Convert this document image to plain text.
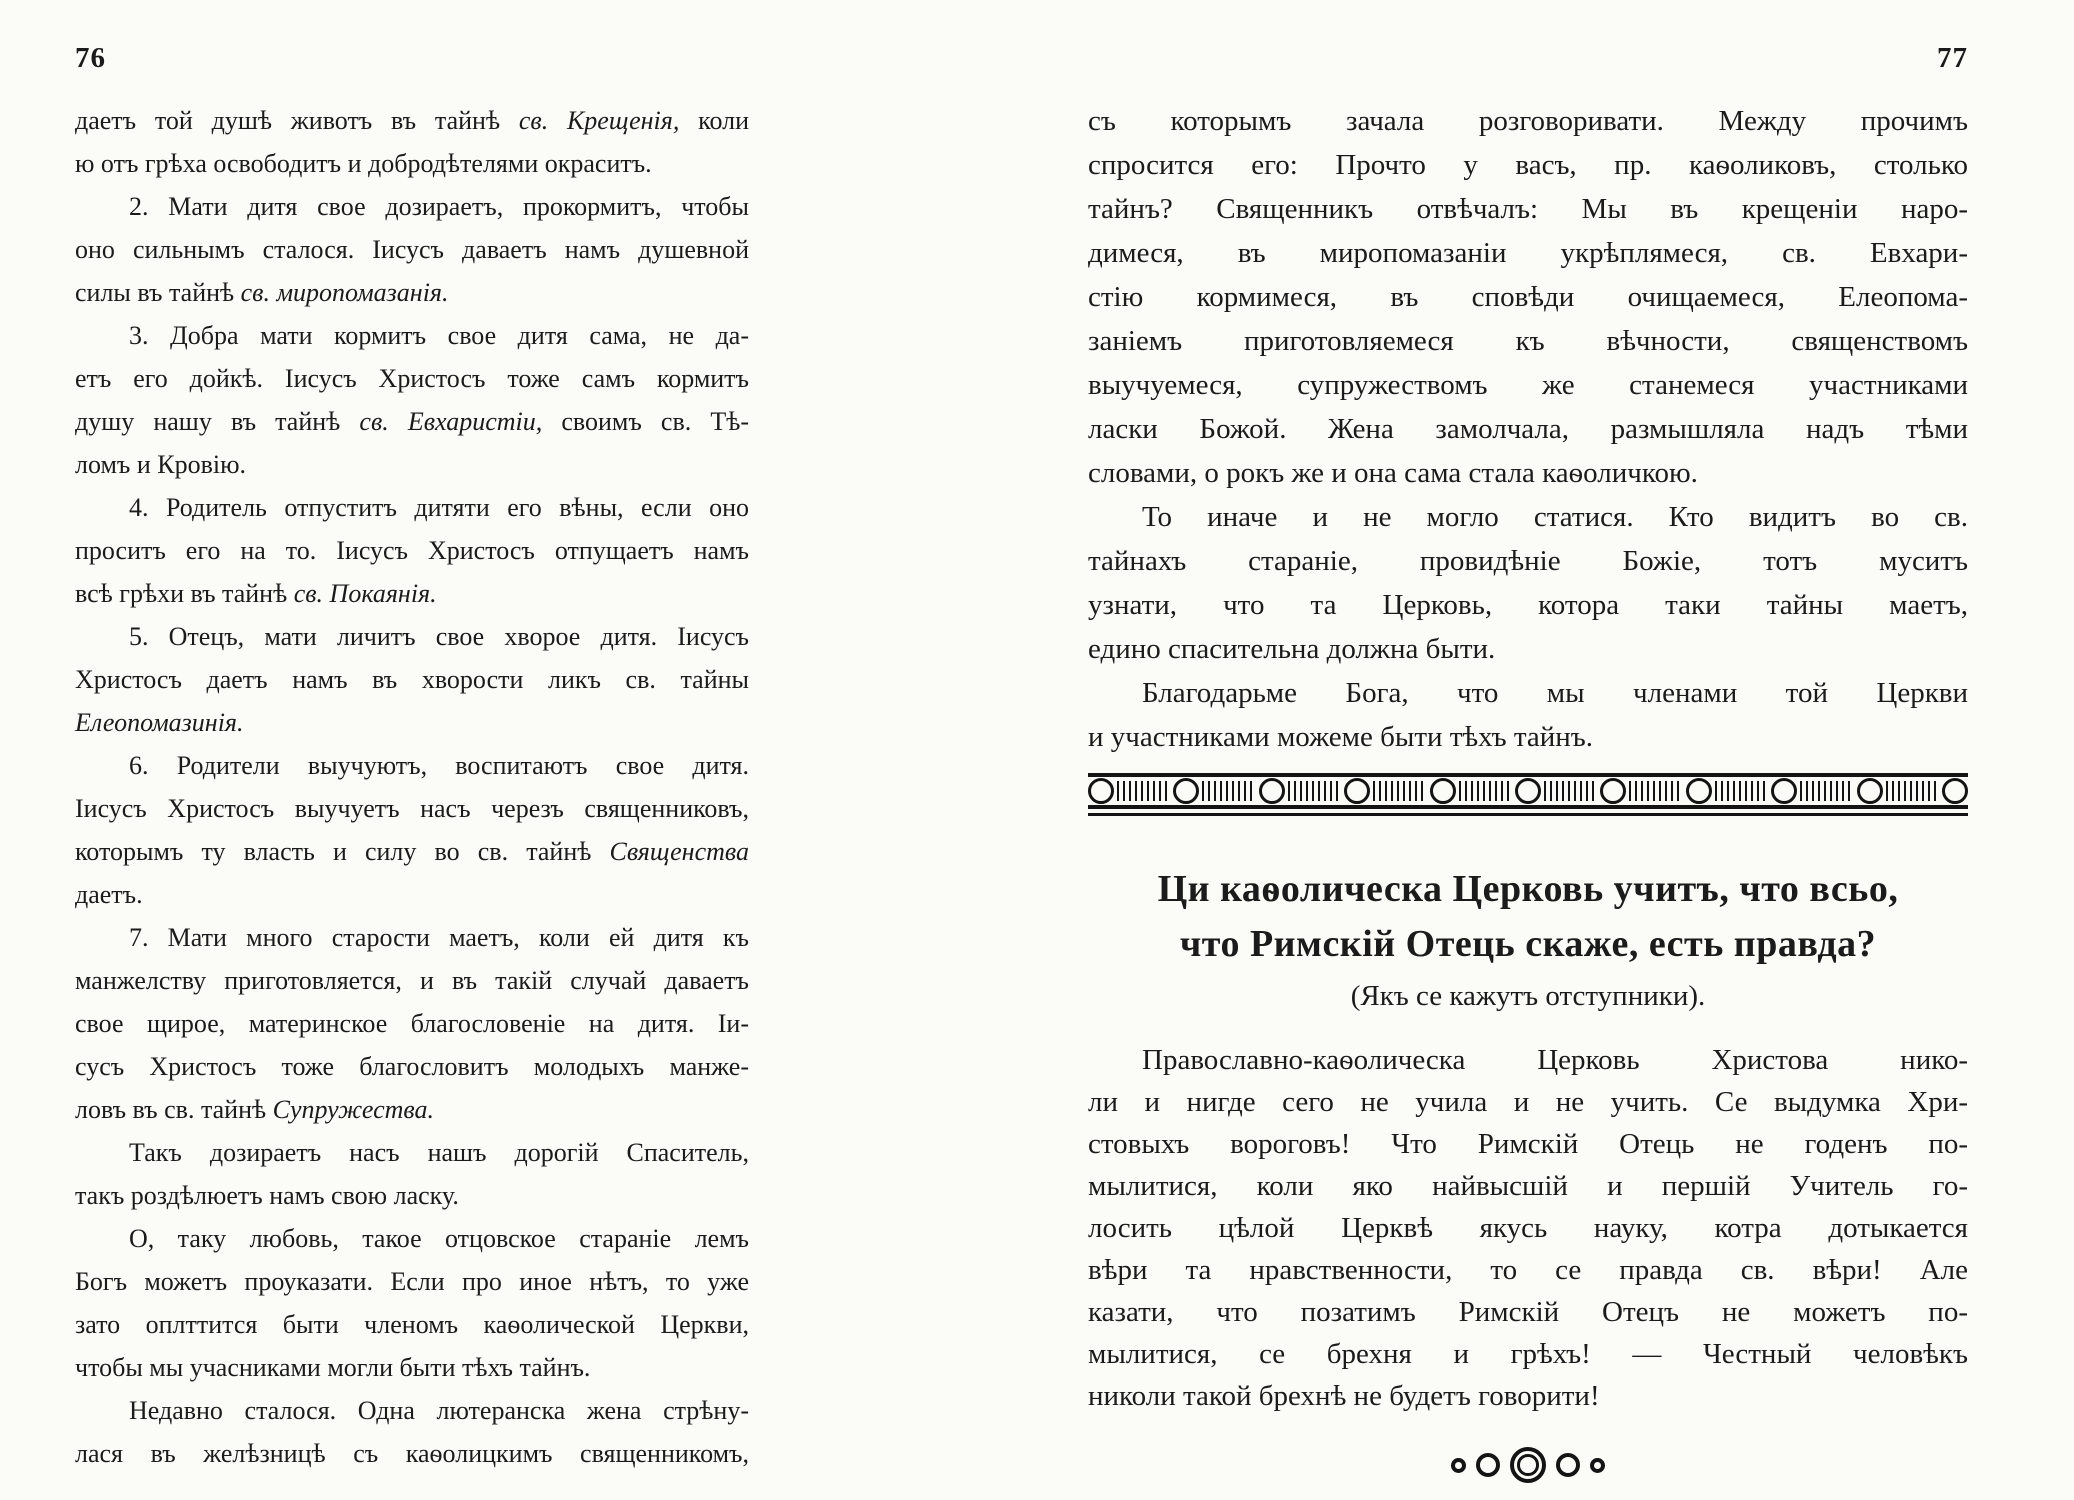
76
даетъ той душѣ животъ въ тайнѣ св. Крещенія, коли
ю отъ грѣха освободитъ и добродѣтелями окраситъ.
2. Мати дитя свое дозираетъ, прокормитъ, чтобы
оно сильнымъ сталося. Іисусъ даваетъ намъ душевной
силы въ тайнѣ св. миропомазанія.
3. Добра мати кормитъ свое дитя сама, не да-
етъ его дойкѣ. Іисусъ Христосъ тоже самъ кормитъ
душу нашу въ тайнѣ св. Евхаристіи, своимъ св. Тѣ-
ломъ и Кровію.
4. Родитель отпуститъ дитяти его вѣны, если оно
проситъ его на то. Іисусъ Христосъ отпущаетъ намъ
всѣ грѣхи въ тайнѣ св. Покаянія.
5. Отецъ, мати личитъ свое хворое дитя. Іисусъ
Христосъ даетъ намъ въ хворости ликъ св. тайны
Елеопомазинія.
6. Родители выучуютъ, воспитаютъ свое дитя.
Іисусъ Христосъ выучуетъ насъ черезъ священниковъ,
которымъ ту власть и силу во св. тайнѣ Священства
даетъ.
7. Мати много старости маетъ, коли ей дитя къ
манжелству приготовляется, и въ такій случай даваетъ
свое щирое, материнское благословеніе на дитя. Іи-
сусъ Христосъ тоже благословитъ молодыхъ манже-
ловъ въ св. тайнѣ Супружества.
Такъ дозираетъ насъ нашъ дорогій Спаситель,
такъ роздѣлюетъ намъ свою ласку.
О, таку любовь, такое отцовское стараніе лемъ
Богъ можетъ проуказати. Если про иное нѣтъ, то уже
зато оплттится быти членомъ каѳолической Церкви,
чтобы мы учасниками могли быти тѣхъ тайнъ.
Недавно сталося. Одна лютеранска жена стрѣну-
лася въ желѣзницѣ съ каѳолицкимъ священникомъ,
77
съ которымъ зачала розговоривати. Между прочимъ
спросится его: Прочто у васъ, пр. каѳоликовъ, столько
тайнъ? Священникъ отвѣчалъ: Мы въ крещеніи наро-
димеся, въ миропомазаніи укрѣплямеся, св. Евхари-
стію кормимеся, въ сповѣди очищаемеся, Елеопома-
заніемъ приготовляемеся къ вѣчности, священствомъ
выучуемеся, супружествомъ же станемеся участниками
ласки Божой. Жена замолчала, размышляла надъ тѣми
словами, о рокъ же и она сама стала каѳоличкою.
То иначе и не могло статися. Кто видитъ во св.
тайнахъ стараніе, провидѣніе Божіе, тотъ муситъ
узнати, что та Церковь, котора таки тайны маетъ,
едино спасительна должна быти.
Благодарьме Бога, что мы членами той Церкви
и участниками можеме быти тѣхъ тайнъ.
Ци каѳолическа Церковь учитъ, что всьо,
что Римскій Отець скаже, есть правда?
(Якъ се кажутъ отступники).
Православно-каѳолическа Церковь Христова нико-
ли и нигде сего не учила и не учить. Се выдумка Хри-
стовыхъ вороговъ! Что Римскій Отець не годенъ по-
мылитися, коли яко найвысшій и першій Учитель го-
лосить цѣлой Церквѣ якусь науку, котра дотыкается
вѣри та нравственности, то се правда св. вѣри! Але
казати, что позатимъ Римскій Отецъ не можетъ по-
мылитися, се брехня и грѣхъ! — Честный человѣкъ
николи такой брехнѣ не будетъ говорити!
